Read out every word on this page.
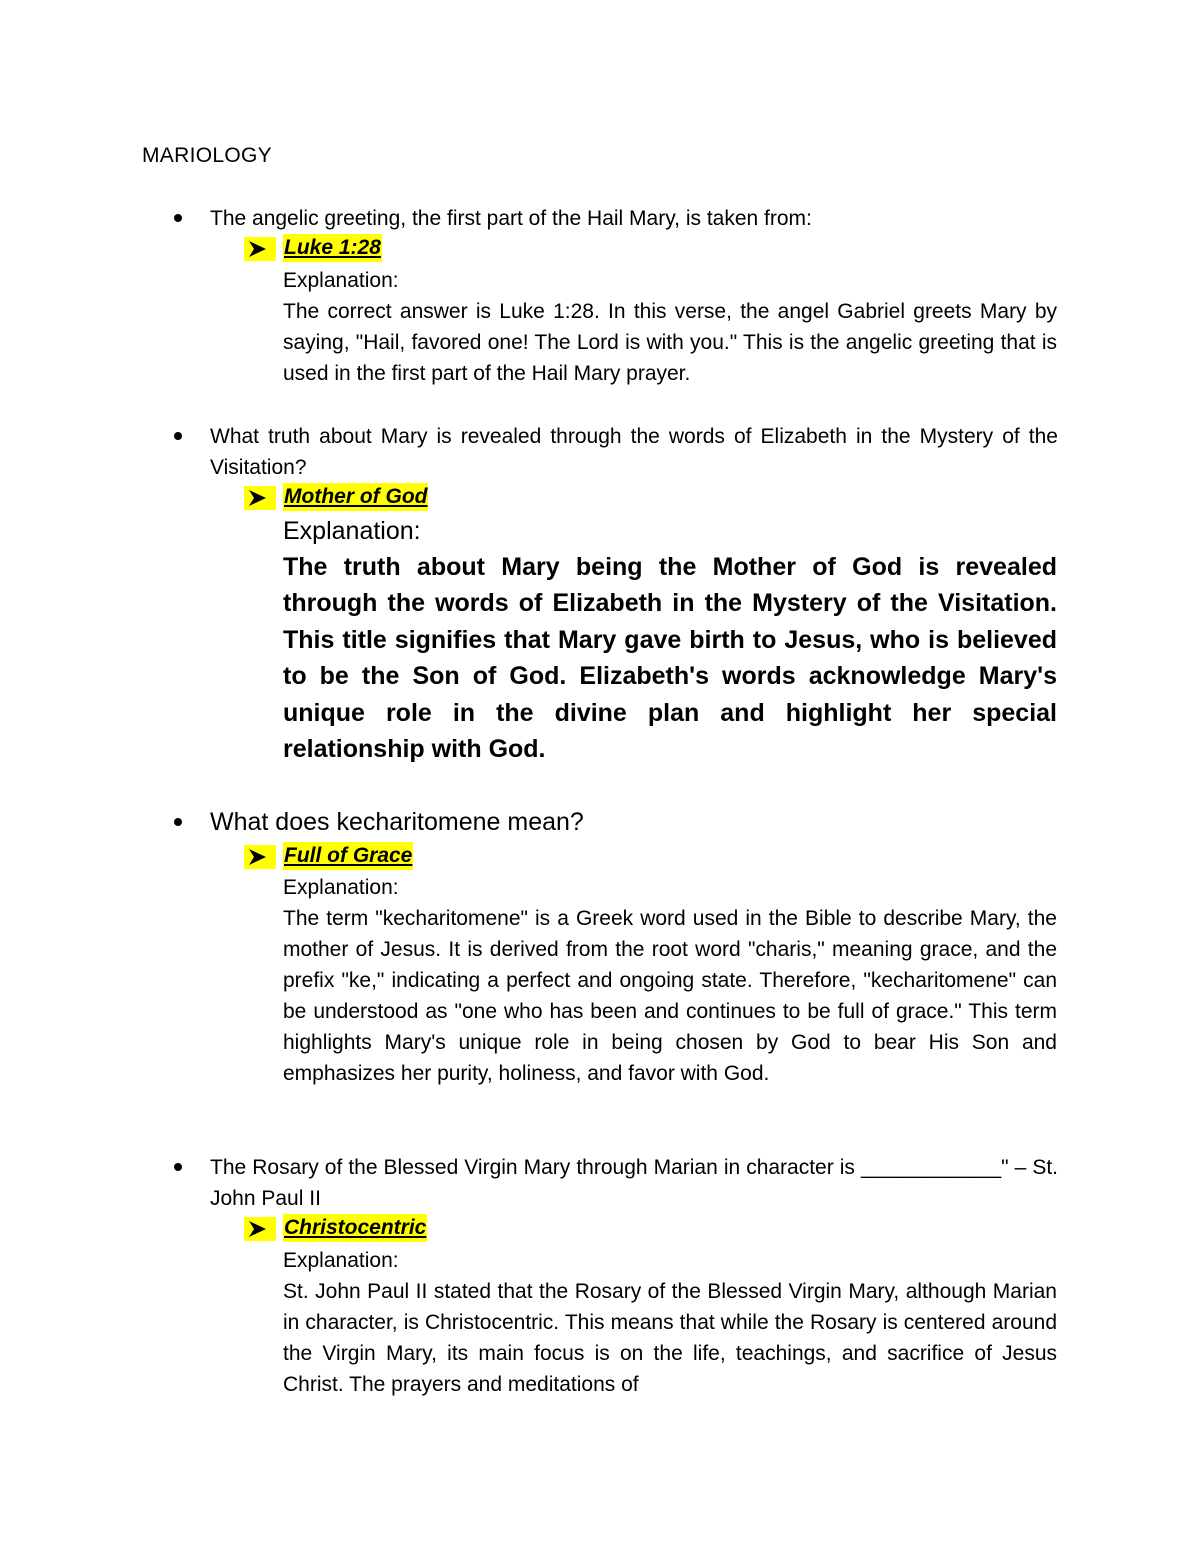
MARIOLOGY

The angelic greeting, the first part of the Hail Mary, is taken from:

Luke 1:28
Explanation:

The correct answer is Luke 1:28. In this verse, the angel Gabriel greets Mary by saying, "Hail, favored one! The Lord is with you." This is the angelic greeting that is used in the first part of the Hail Mary prayer.

What truth about Mary is revealed through the words of Elizabeth in the Mystery of the Visitation?

Mother of God
Explanation:

The truth about Mary being the Mother of God is revealed through the words of Elizabeth in the Mystery of the Visitation. This title signifies that Mary gave birth to Jesus, who is believed to be the Son of God. Elizabeth's words acknowledge Mary's unique role in the divine plan and highlight her special relationship with God.

What does kecharitomene mean?

Full of Grace
Explanation:

The term "kecharitomene" is a Greek word used in the Bible to describe Mary, the mother of Jesus. It is derived from the root word "charis," meaning grace, and the prefix "ke," indicating a perfect and ongoing state. Therefore, "kecharitomene" can be understood as "one who has been and continues to be full of grace." This term highlights Mary's unique role in being chosen by God to bear His Son and emphasizes her purity, holiness, and favor with God.

The Rosary of the Blessed Virgin Mary through Marian in character is ____________" – St. John Paul II

Christocentric
Explanation:

St. John Paul II stated that the Rosary of the Blessed Virgin Mary, although Marian in character, is Christocentric. This means that while the Rosary is centered around the Virgin Mary, its main focus is on the life, teachings, and sacrifice of Jesus Christ. The prayers and meditations of
